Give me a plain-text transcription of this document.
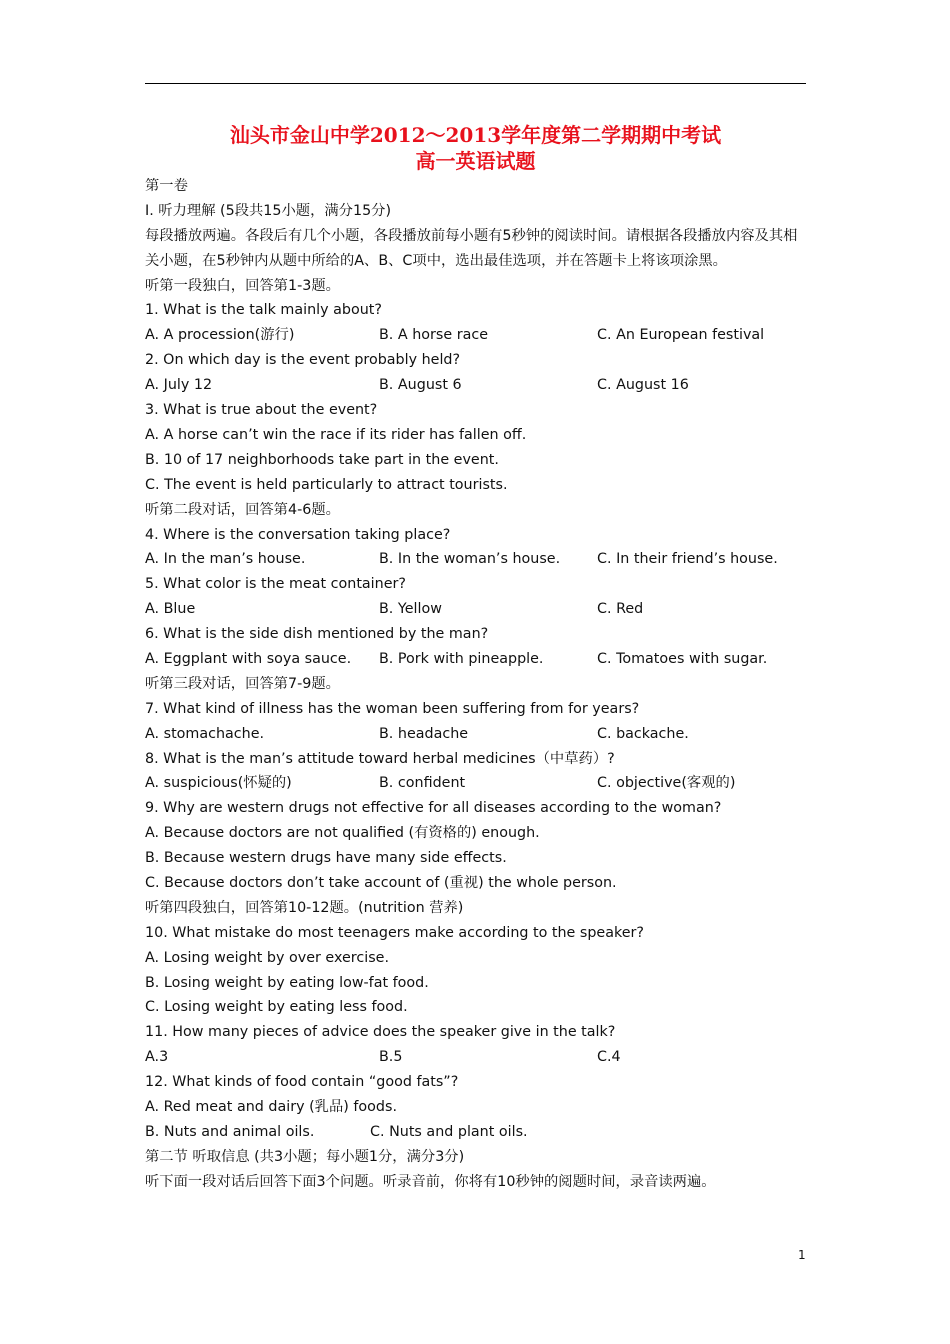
汕头市金山中学2012～2013学年度第二学期期中考试
高一英语试题
第一卷
I. 听力理解 (5段共15小题，满分15分)
每段播放两遍。各段后有几个小题，各段播放前每小题有5秒钟的阅读时间。请根据各段播放内容及其相关小题，在5秒钟内从题中所给的A、B、C项中，选出最佳选项，并在答题卡上将该项涂黑。
听第一段独白，回答第1-3题。
1. What is the talk mainly about?
A. A procession(游行)	B. A horse race	C. An European festival
2. On which day is the event probably held?
A. July 12	B. August 6	C. August 16
3. What is true about the event?
A. A horse can’t win the race if its rider has fallen off.
B. 10 of 17 neighborhoods take part in the event.
C. The event is held particularly to attract tourists.
听第二段对话，回答第4-6题。
4. Where is the conversation taking place?
A. In the man’s house.	B. In the woman’s house.	C. In their friend’s house.
5. What color is the meat container?
A. Blue	B. Yellow	C. Red
6. What is the side dish mentioned by the man?
A. Eggplant with soya sauce.	B. Pork with pineapple.	C. Tomatoes with sugar.
听第三段对话，回答第7-9题。
7. What kind of illness has the woman been suffering from for years?
A. stomachache.	B. headache	C. backache.
8. What is the man’s attitude toward herbal medicines（中草药）?
A. suspicious(怀疑的)	B. confident	C. objective(客观的)
9. Why are western drugs not effective for all diseases according to the woman?
A. Because doctors are not qualified (有资格的) enough.
B. Because western drugs have many side effects.
C. Because doctors don’t take account of (重视) the whole person.
听第四段独白，回答第10-12题。(nutrition 营养)
10. What mistake do most teenagers make according to the speaker?
A. Losing weight by over exercise.
B. Losing weight by eating low-fat food.
C. Losing weight by eating less food.
11. How many pieces of advice does the speaker give in the talk?
A.3	B.5	C.4
12. What kinds of food contain “good fats”?
A. Red meat and dairy (乳品) foods.
B. Nuts and animal oils.	C. Nuts and plant oils.
第二节 听取信息 (共3小题；每小题1分，满分3分)
听下面一段对话后回答下面3个问题。听录音前，你将有10秒钟的阅题时间，录音读两遍。
1
